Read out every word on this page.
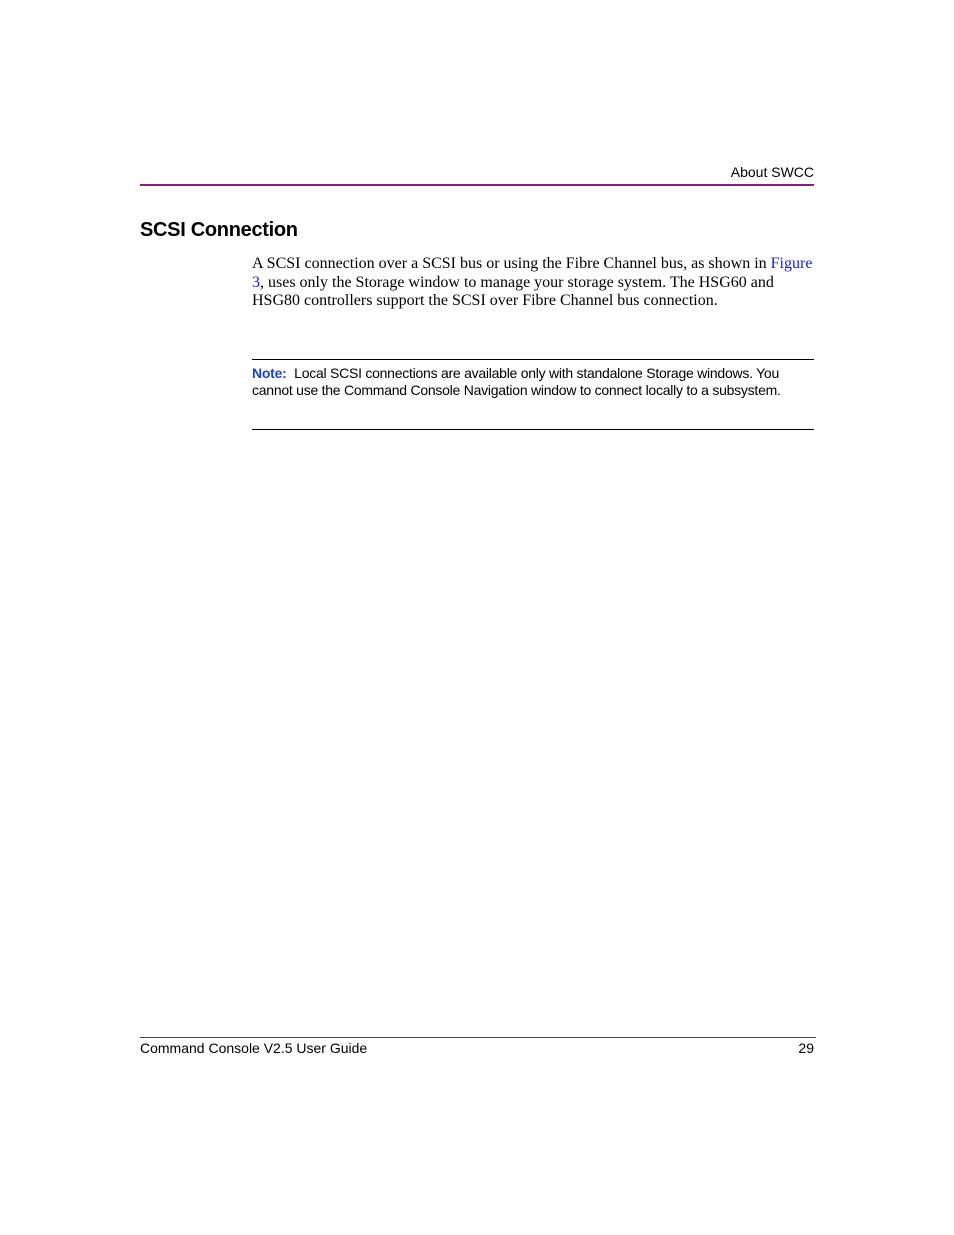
About SWCC
SCSI Connection

A SCSI connection over a SCSI bus or using the Fibre Channel bus, as shown in Figure 3, uses only the Storage window to manage your storage system. The HSG60 and HSG80 controllers support the SCSI over Fibre Channel bus connection.

Note: Local SCSI connections are available only with standalone Storage windows. You cannot use the Command Console Navigation window to connect locally to a subsystem.

Command Console V2.5 User Guide	29
